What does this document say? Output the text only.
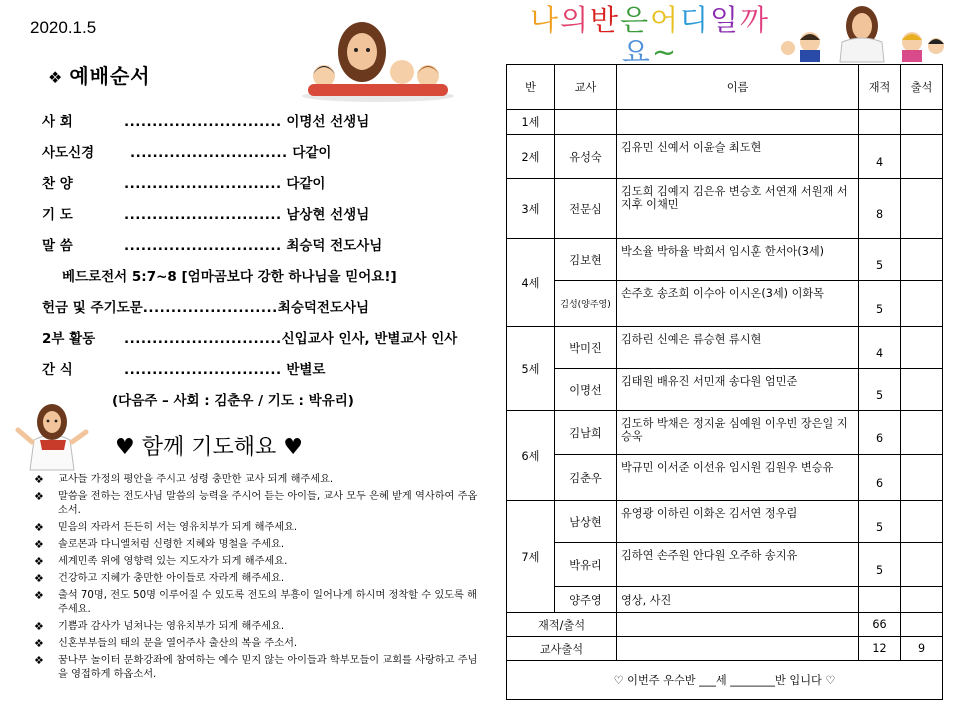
2020.1.5
❖ 예배순서
사 회	............................ 이명선 선생님
사도신경	............................ 다같이
찬 양	............................ 다같이
기 도	............................ 남상현 선생님
말 씀	............................ 최승덕 전도사님
베드로전서 5:7~8 [엄마곰보다 강한 하나님을 믿어요!]
헌금 및 주기도문........................최승덕전도사님
2부 활동 ............................신입교사 인사, 반별교사 인사
간 식	............................ 반별로
(다음주 – 사회 : 김춘우 / 기도 : 박유리)
♥ 함께 기도해요 ♥
❖	교사들 가정의 평안을 주시고 성령 충만한 교사 되게 해주세요.
❖	말씀을 전하는 전도사님 말씀의 능력을 주시어 듣는 아이들, 교사 모두 은혜 받게 역사하여 주옵소서.
❖	믿음의 자라서 든든히 서는 영유치부가 되게 해주세요.
❖	솔로몬과 다니엘처럼 신령한 지혜와 명철을 주세요.
❖	세계민족 위에 영향력 있는 지도자가 되게 해주세요.
❖	건강하고 지혜가 충만한 아이들로 자라게 해주세요.
❖	출석 70명, 전도 50명 이루어질 수 있도록 전도의 부흥이 일어나게 하시며 정착할 수 있도록 해주세요.
❖	기쁨과 감사가 넘쳐나는 영유치부가 되게 해주세요.
❖	신혼부부들의 태의 문을 열어주사 출산의 복을 주소서.
❖	꿈나무 놀이터 문화강좌에 참여하는 예수 믿지 않는 아이들과 학부모들이 교회를 사랑하고 주님을 영접하게 하옵소서.
나의반은어디일까
요~
반	교사	이름	재적	출석
1세				
2세	유성숙	김유민 신예서 이윤슬 최도현	4	
3세	전문심	김도희 김예지 김은유 변승호 서연재 서원재 서지후 이채민	8	
4세	김보현	박소율 박하율 박희서 임시훈 한서아(3세)	5	
	김성(양주영)	손주호 송조희 이수아 이시온(3세) 이화목	5	
5세	박미진	김하린 신예은 류승현 류시현	4	
	이명선	김태원 배유진 서민재 송다원 엄민준	5	
6세	김남희	김도하 박채은 정지윤 심예원 이우빈 장은일 지승욱	6	
	김춘우	박규민 이서준 이선유 임시원 김원우 변승유	6	
7세	남상현	유영광 이하린 이화온 김서연 정우림	5	
	박유리	김하연 손주원 안다원 오주하 송지유	5	
	양주영	영상, 사진		
재적/출석			66	
교사출석			12	9
♡ 이번주 우수반 ___세 ________반 입니다 ♡				
